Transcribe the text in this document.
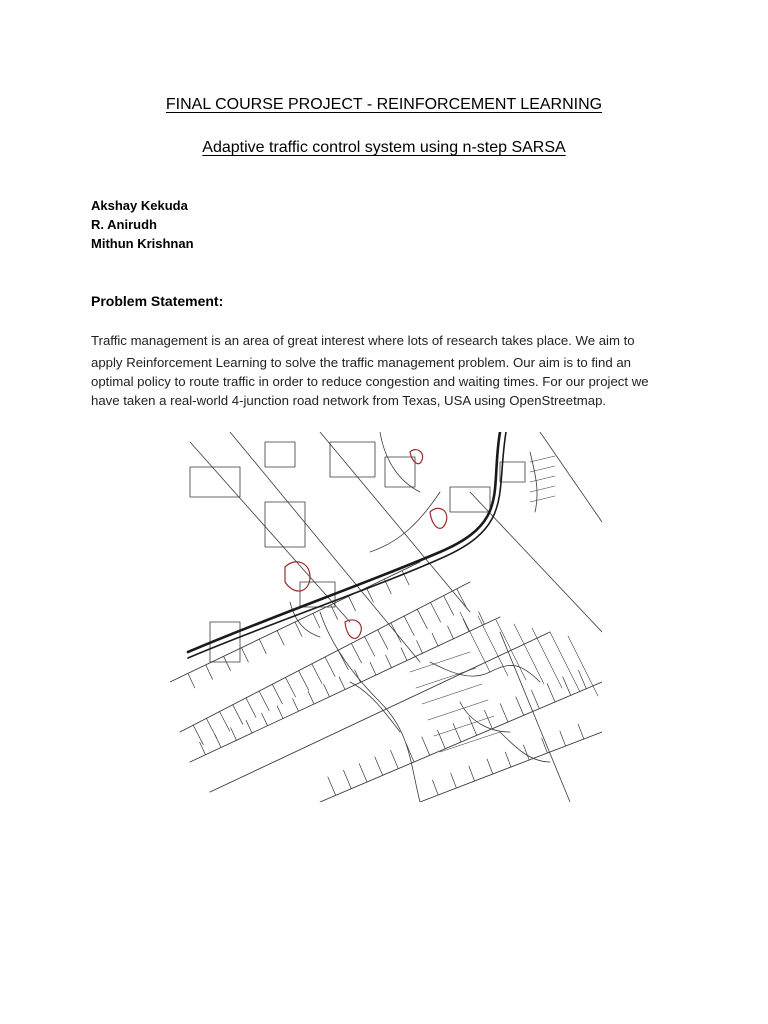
FINAL COURSE PROJECT - REINFORCEMENT LEARNING
Adaptive traffic control system using n-step SARSA
Akshay Kekuda
R. Anirudh
Mithun Krishnan
Problem Statement:
Traffic management is an area of great interest where lots of research takes place. We aim to
apply Reinforcement Learning to solve the traffic management problem. Our aim is to find an
optimal policy to route traffic in order to reduce congestion and waiting times. For our project we
have taken a real-world 4-junction road network from Texas, USA using OpenStreetmap.
